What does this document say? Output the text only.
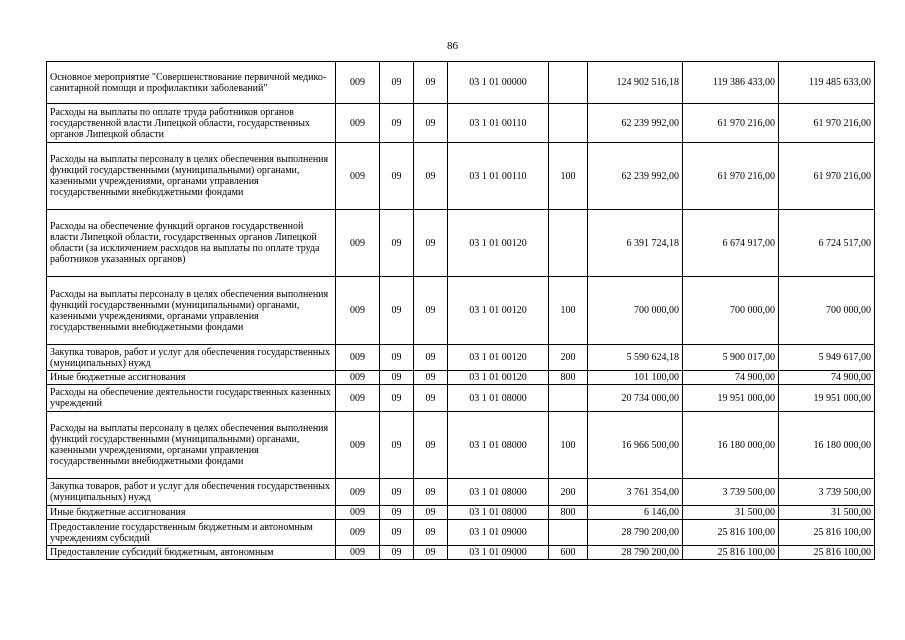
86
Основное мероприятие "Совершенствование первичной медико-санитарной помощи и профилактики заболеваний"	009	09	09	03 1 01 00000		124 902 516,18	119 386 433,00	119 485 633,00
Расходы на выплаты по оплате труда работников органов государственной власти Липецкой области, государственных органов Липецкой области	009	09	09	03 1 01 00110		62 239 992,00	61 970 216,00	61 970 216,00
Расходы на выплаты персоналу в целях обеспечения выполнения функций государственными (муниципальными) органами, казенными учреждениями, органами управления государственными внебюджетными фондами	009	09	09	03 1 01 00110	100	62 239 992,00	61 970 216,00	61 970 216,00
Расходы на обеспечение функций органов государственной власти Липецкой области, государственных органов Липецкой области (за исключением расходов на выплаты по оплате труда работников указанных органов)	009	09	09	03 1 01 00120		6 391 724,18	6 674 917,00	6 724 517,00
Расходы на выплаты персоналу в целях обеспечения выполнения функций государственными (муниципальными) органами, казенными учреждениями, органами управления государственными внебюджетными фондами	009	09	09	03 1 01 00120	100	700 000,00	700 000,00	700 000,00
Закупка товаров, работ и услуг для обеспечения государственных (муниципальных) нужд	009	09	09	03 1 01 00120	200	5 590 624,18	5 900 017,00	5 949 617,00
Иные бюджетные ассигнования	009	09	09	03 1 01 00120	800	101 100,00	74 900,00	74 900,00
Расходы на обеспечение деятельности государственных казенных учреждений	009	09	09	03 1 01 08000		20 734 000,00	19 951 000,00	19 951 000,00
Расходы на выплаты персоналу в целях обеспечения выполнения функций государственными (муниципальными) органами, казенными учреждениями, органами управления государственными внебюджетными фондами	009	09	09	03 1 01 08000	100	16 966 500,00	16 180 000,00	16 180 000,00
Закупка товаров, работ и услуг для обеспечения государственных (муниципальных) нужд	009	09	09	03 1 01 08000	200	3 761 354,00	3 739 500,00	3 739 500,00
Иные бюджетные ассигнования	009	09	09	03 1 01 08000	800	6 146,00	31 500,00	31 500,00
Предоставление государственным бюджетным и автономным учреждениям субсидий	009	09	09	03 1 01 09000		28 790 200,00	25 816 100,00	25 816 100,00
Предоставление субсидий бюджетным, автономным	009	09	09	03 1 01 09000	600	28 790 200,00	25 816 100,00	25 816 100,00
